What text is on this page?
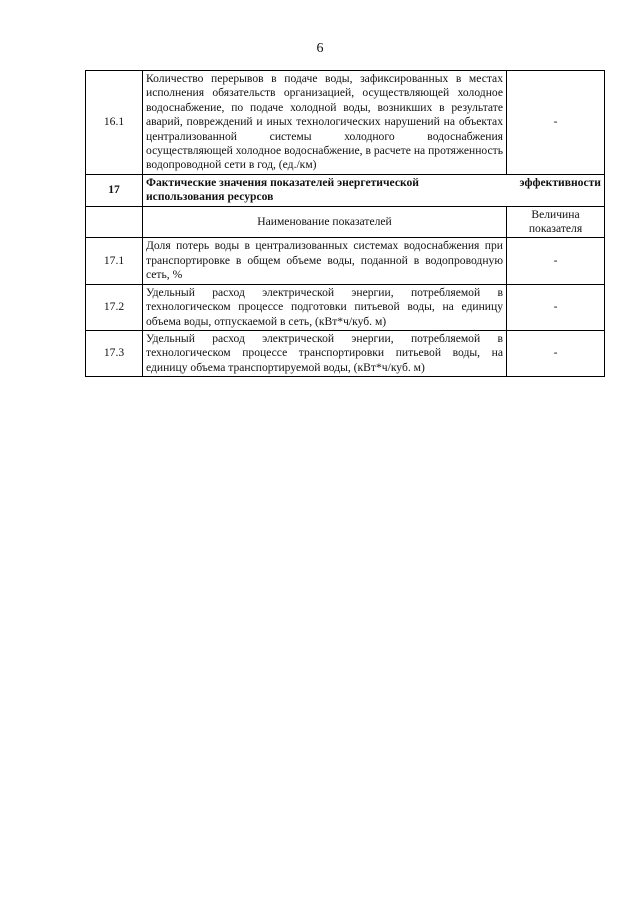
6
16.1	Количество перерывов в подаче воды, зафиксированных в местах исполнения обязательств организацией, осуществляющей холодное водоснабжение, по подаче холодной воды, возникших в результате аварий, повреждений и иных технологических нарушений на объектах централизованной системы холодного водоснабжения осуществляющей холодное водоснабжение, в расчете на протяженность водопроводной сети в год, (ед./км)	-
17	Фактические значения показателей энергетической эффективности
использования ресурсов	

	Наименование показателей	Величина показателя
17.1	Доля потерь воды в централизованных системах водоснабжения при транспортировке в общем объеме воды, поданной в водопроводную сеть, %	-
17.2	Удельный расход электрической энергии, потребляемой в технологическом процессе подготовки питьевой воды, на единицу объема воды, отпускаемой в сеть, (кВт*ч/куб. м)	-
17.3	Удельный расход электрической энергии, потребляемой в технологическом процессе транспортировки питьевой воды, на единицу объема транспортируемой воды, (кВт*ч/куб. м)	-
